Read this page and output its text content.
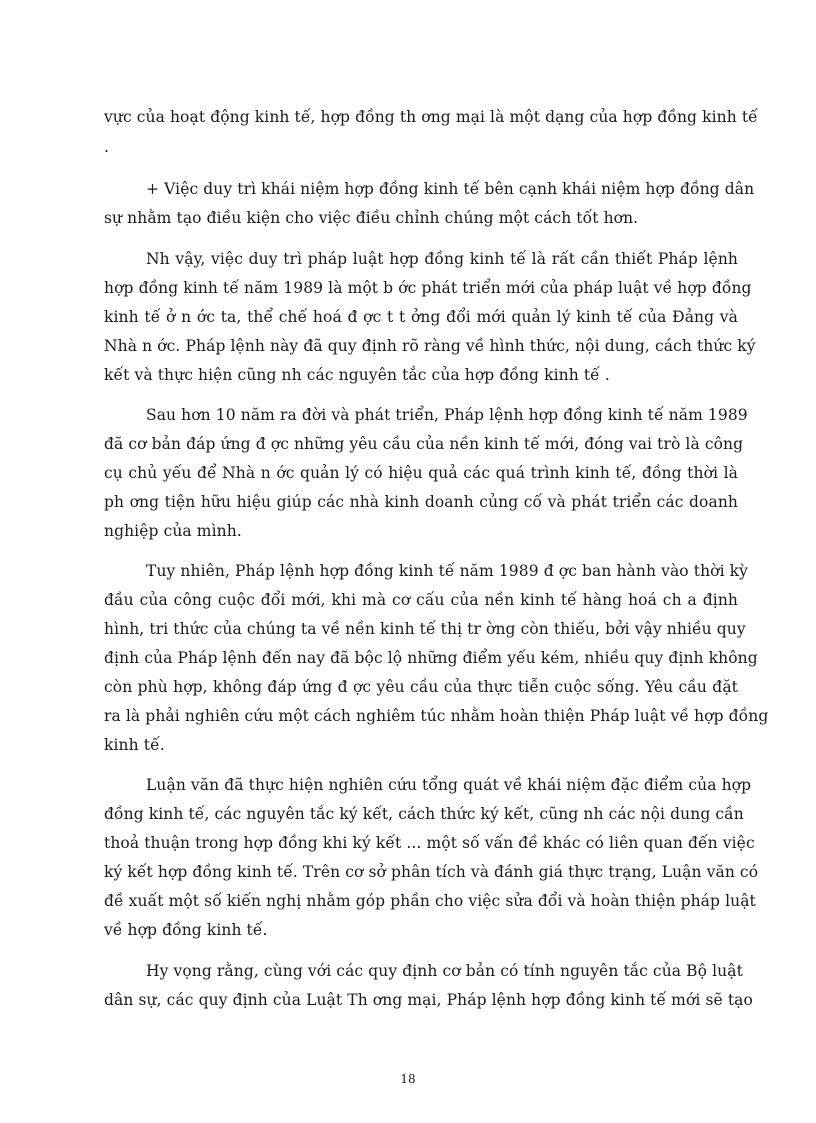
vực của hoạt động kinh tế, hợp đồng th ơng mại là một dạng của hợp đồng kinh tế
.
+ Việc duy trì khái niệm hợp đồng kinh tế bên cạnh khái niệm hợp đồng dân
sự nhằm tạo điều kiện cho việc điều chỉnh chúng một cách tốt hơn.
Nh vậy, việc duy trì pháp luật hợp đồng kinh tế là rất cần thiết Pháp lệnh
hợp đồng kinh tế năm 1989 là một b ớc phát triển mới của pháp luật về hợp đồng
kinh tế ở n ớc ta, thể chế hoá đ ợc t t ởng đổi mới quản lý kinh tế của Đảng và
Nhà n ớc. Pháp lệnh này đã quy định rõ ràng về hình thức, nội dung, cách thức ký
kết và thực hiện cũng nh các nguyên tắc của hợp đồng kinh tế .
Sau hơn 10 năm ra đời và phát triển, Pháp lệnh hợp đồng kinh tế năm 1989
đã cơ bản đáp ứng đ ợc những yêu cầu của nền kinh tế mới, đóng vai trò là công
cụ chủ yếu để Nhà n ớc quản lý có hiệu quả các quá trình kinh tế, đồng thời là
ph ơng tiện hữu hiệu giúp các nhà kinh doanh củng cố và phát triển các doanh
nghiệp của mình.
Tuy nhiên, Pháp lệnh hợp đồng kinh tế năm 1989 đ ợc ban hành vào thời kỳ
đầu của công cuộc đổi mới, khi mà cơ cấu của nền kinh tế hàng hoá ch a định
hình, tri thức của chúng ta về nền kinh tế thị tr ờng còn thiếu, bởi vậy nhiều quy
định của Pháp lệnh đến nay đã bộc lộ những điểm yếu kém, nhiều quy định không
còn phù hợp, không đáp ứng đ ợc yêu cầu của thực tiễn cuộc sống. Yêu cầu đặt
ra là phải nghiên cứu một cách nghiêm túc nhằm hoàn thiện Pháp luật về hợp đồng
kinh tế.
Luận văn đã thực hiện nghiên cứu tổng quát về khái niệm đặc điểm của hợp
đồng kinh tế, các nguyên tắc ký kết, cách thức ký kết, cũng nh các nội dung cần
thoả thuận trong hợp đồng khi ký kết ... một số vấn đề khác có liên quan đến việc
ký kết hợp đồng kinh tế. Trên cơ sở phân tích và đánh giá thực trạng, Luận văn có
đề xuất một số kiến nghị nhằm góp phần cho việc sửa đổi và hoàn thiện pháp luật
về hợp đồng kinh tế.
Hy vọng rằng, cùng với các quy định cơ bản có tính nguyên tắc của Bộ luật
dân sự, các quy định của Luật Th ơng mại, Pháp lệnh hợp đồng kinh tế mới sẽ tạo
18
